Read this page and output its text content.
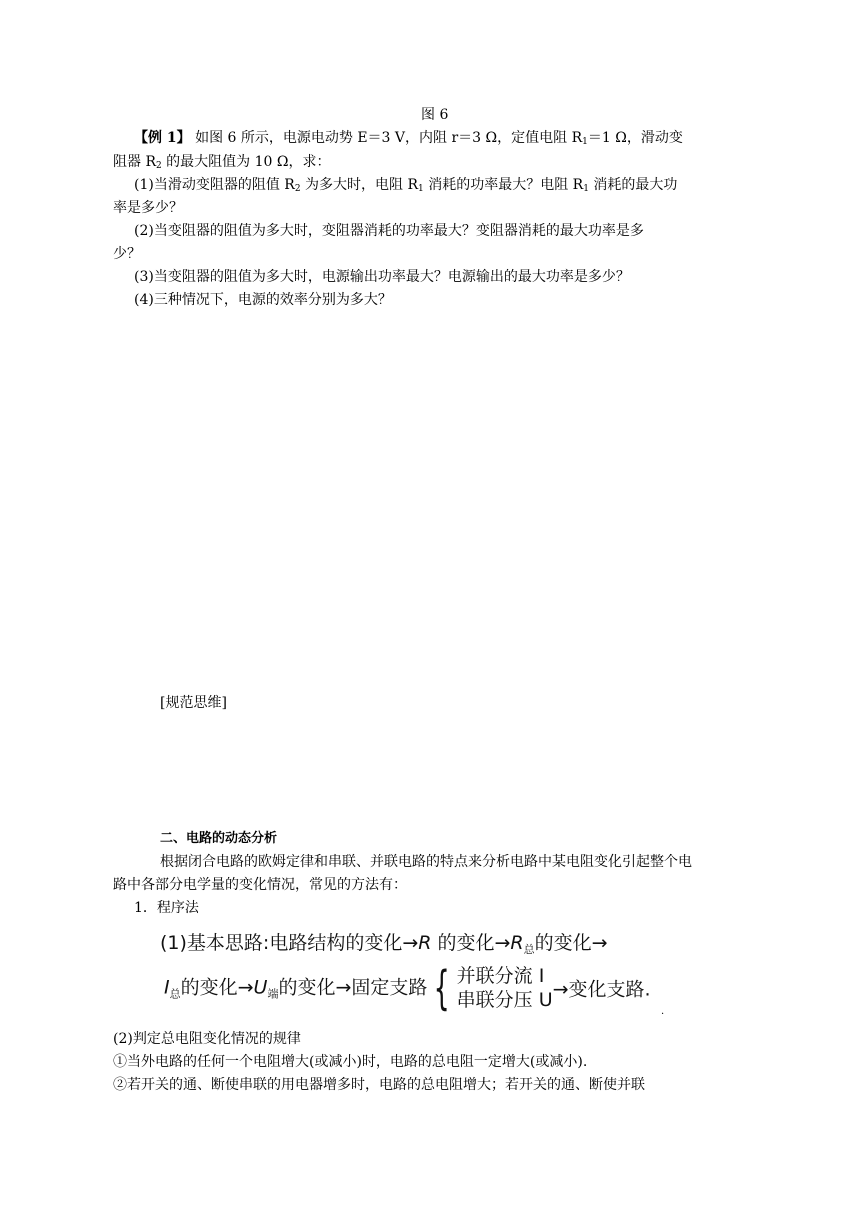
图 6
【例 1】 如图 6 所示，电源电动势 E＝3 V，内阻 r＝3 Ω，定值电阻 $R_1=1$ Ω，滑动变
阻器 $R_2$ 的最大阻值为 10 Ω，求：
(1)当滑动变阻器的阻值 $R_2$ 为多大时，电阻 $R_1$ 消耗的功率最大？电阻 $R_1$ 消耗的最大功
率是多少？
(2)当变阻器的阻值为多大时，变阻器消耗的功率最大？变阻器消耗的最大功率是多
少？
(3)当变阻器的阻值为多大时，电源输出功率最大？电源输出的最大功率是多少？
(4)三种情况下，电源的效率分别为多大？
[规范思维]
二、电路的动态分析
根据闭合电路的欧姆定律和串联、并联电路的特点来分析电路中某电阻变化引起整个电
路中各部分电学量的变化情况，常见的方法有：
1．程序法
(1)基本思路:电路结构的变化→R 的变化$\to R_总$的变化→
$I_总$的变化$\to U_端$的变化→固定支路 { 并联分流 I
串联分压 U →变化支路.
.
(2)判定总电阻变化情况的规律
①当外电路的任何一个电阻增大(或减小)时，电路的总电阻一定增大(或减小).
②若开关的通、断使串联的用电器增多时，电路的总电阻增大；若开关的通、断使并联
